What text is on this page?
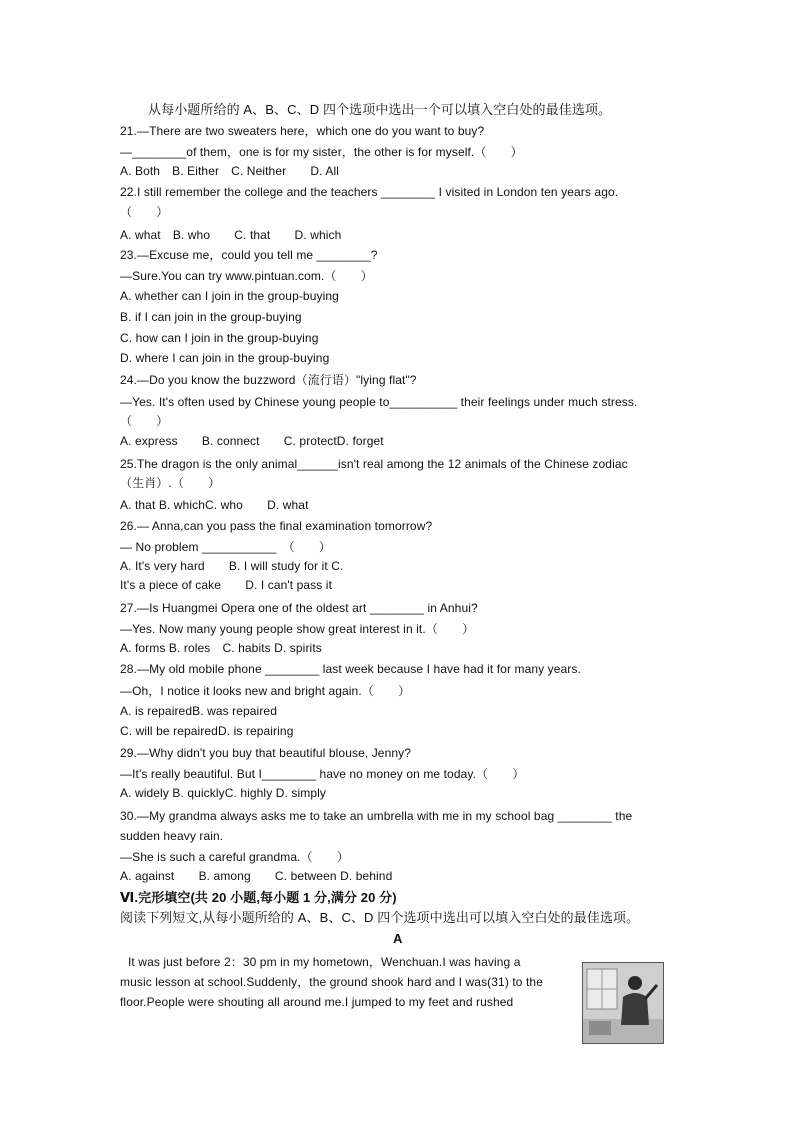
从每小题所给的 A、B、C、D 四个选项中选出一个可以填入空白处的最佳选项。
21.—There are two sweaters here，which one do you want to buy?
—________of them，one is for my sister，the other is for myself.（　　）
A. Both　B. Either　C. Neither　　D. All
22.I still remember the college and the teachers ________ I visited in London ten years ago.
（　　）
A. what　B. who　　C. that　　D. which
23.—Excuse me，could you tell me ________?
—Sure.You can try www.pintuan.com.（　　）
A. whether can I join in the group-buying
B. if I can join in the group-buying
C. how can I join in the group-buying
D. where I can join in the group-buying
24.—Do you know the buzzword（流行语）"lying flat"?
—Yes. It's often used by Chinese young people to__________ their feelings under much stress.
（　　）
A. express　　B. connect　　C. protectD. forget
25.The dragon is the only animal______isn't real among the 12 animals of the Chinese zodiac
（生肖）.（　　）
A. that B. whichC. who　　D. what
26.— Anna,can you pass the final examination tomorrow?
— No problem ___________　（　　）
A. It's very hard　　B. I will study for it C.
It's a piece of cake　　D. I can't pass it
27.—Is Huangmei Opera one of the oldest art ________ in Anhui?
—Yes. Now many young people show great interest in it.（　　）
A. forms B. roles　C. habits D. spirits
28.—My old mobile phone ________ last week because I have had it for many years.
—Oh，I notice it looks new and bright again.（　　）
A. is repairedB. was repaired
C. will be repairedD. is repairing
29.—Why didn't you buy that beautiful blouse, Jenny?
—It's really beautiful. But I________ have no money on me today.（　　）
A. widely B. quicklyC. highly D. simply
30.—My grandma always asks me to take an umbrella with me in my school bag ________ the
sudden heavy rain.
—She is such a careful grandma.（　　）
A. against　　B. among　　C. between D. behind
Ⅵ.完形填空(共 20 小题,每小题 1 分,满分 20 分)
阅读下列短文,从每小题所给的 A、B、C、D 四个选项中选出可以填入空白处的最佳选项。
A
It was just before 2：30 pm in my hometown，Wenchuan.I was having a
music lesson at school.Suddenly，the ground shook hard and I was(31) to the
floor.People were shouting all around me.I jumped to my feet and rushed
